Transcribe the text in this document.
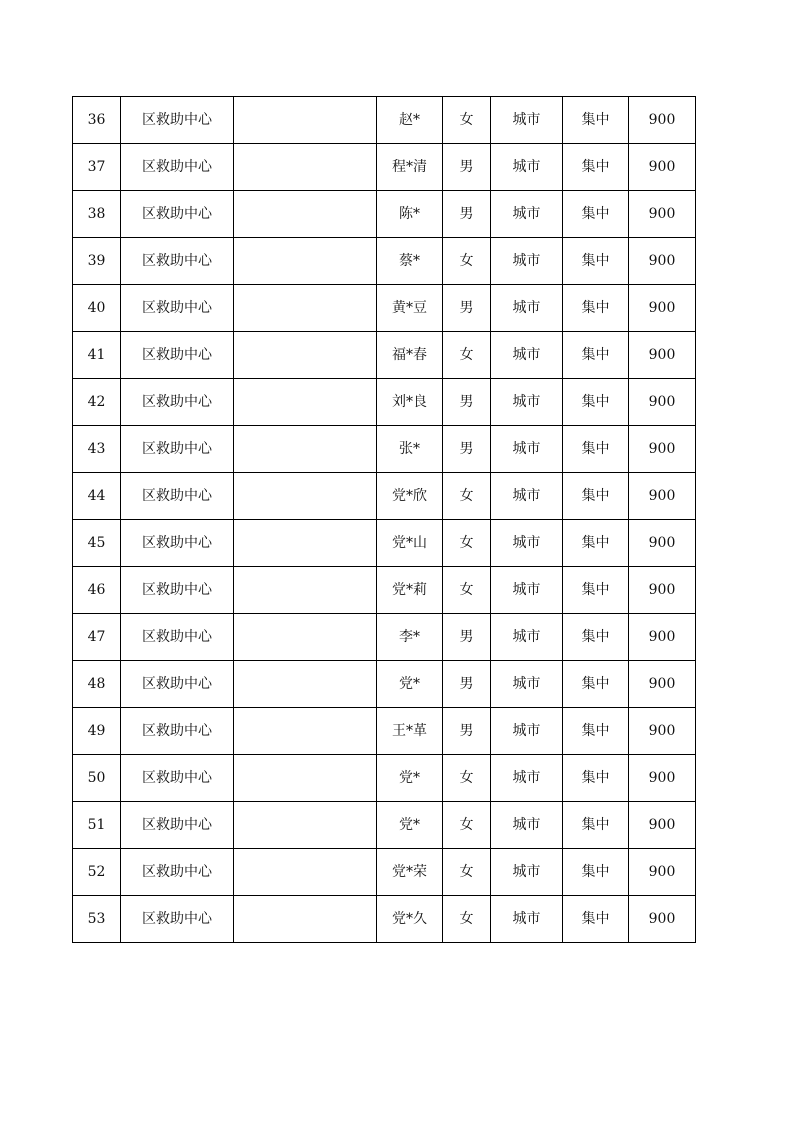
36	区救助中心		赵*	女	城市	集中	900
37	区救助中心		程*清	男	城市	集中	900
38	区救助中心		陈*	男	城市	集中	900
39	区救助中心		蔡*	女	城市	集中	900
40	区救助中心		黄*豆	男	城市	集中	900
41	区救助中心		福*春	女	城市	集中	900
42	区救助中心		刘*良	男	城市	集中	900
43	区救助中心		张*	男	城市	集中	900
44	区救助中心		党*欣	女	城市	集中	900
45	区救助中心		党*山	女	城市	集中	900
46	区救助中心		党*莉	女	城市	集中	900
47	区救助中心		李*	男	城市	集中	900
48	区救助中心		党*	男	城市	集中	900
49	区救助中心		王*革	男	城市	集中	900
50	区救助中心		党*	女	城市	集中	900
51	区救助中心		党*	女	城市	集中	900
52	区救助中心		党*荣	女	城市	集中	900
53	区救助中心		党*久	女	城市	集中	900
